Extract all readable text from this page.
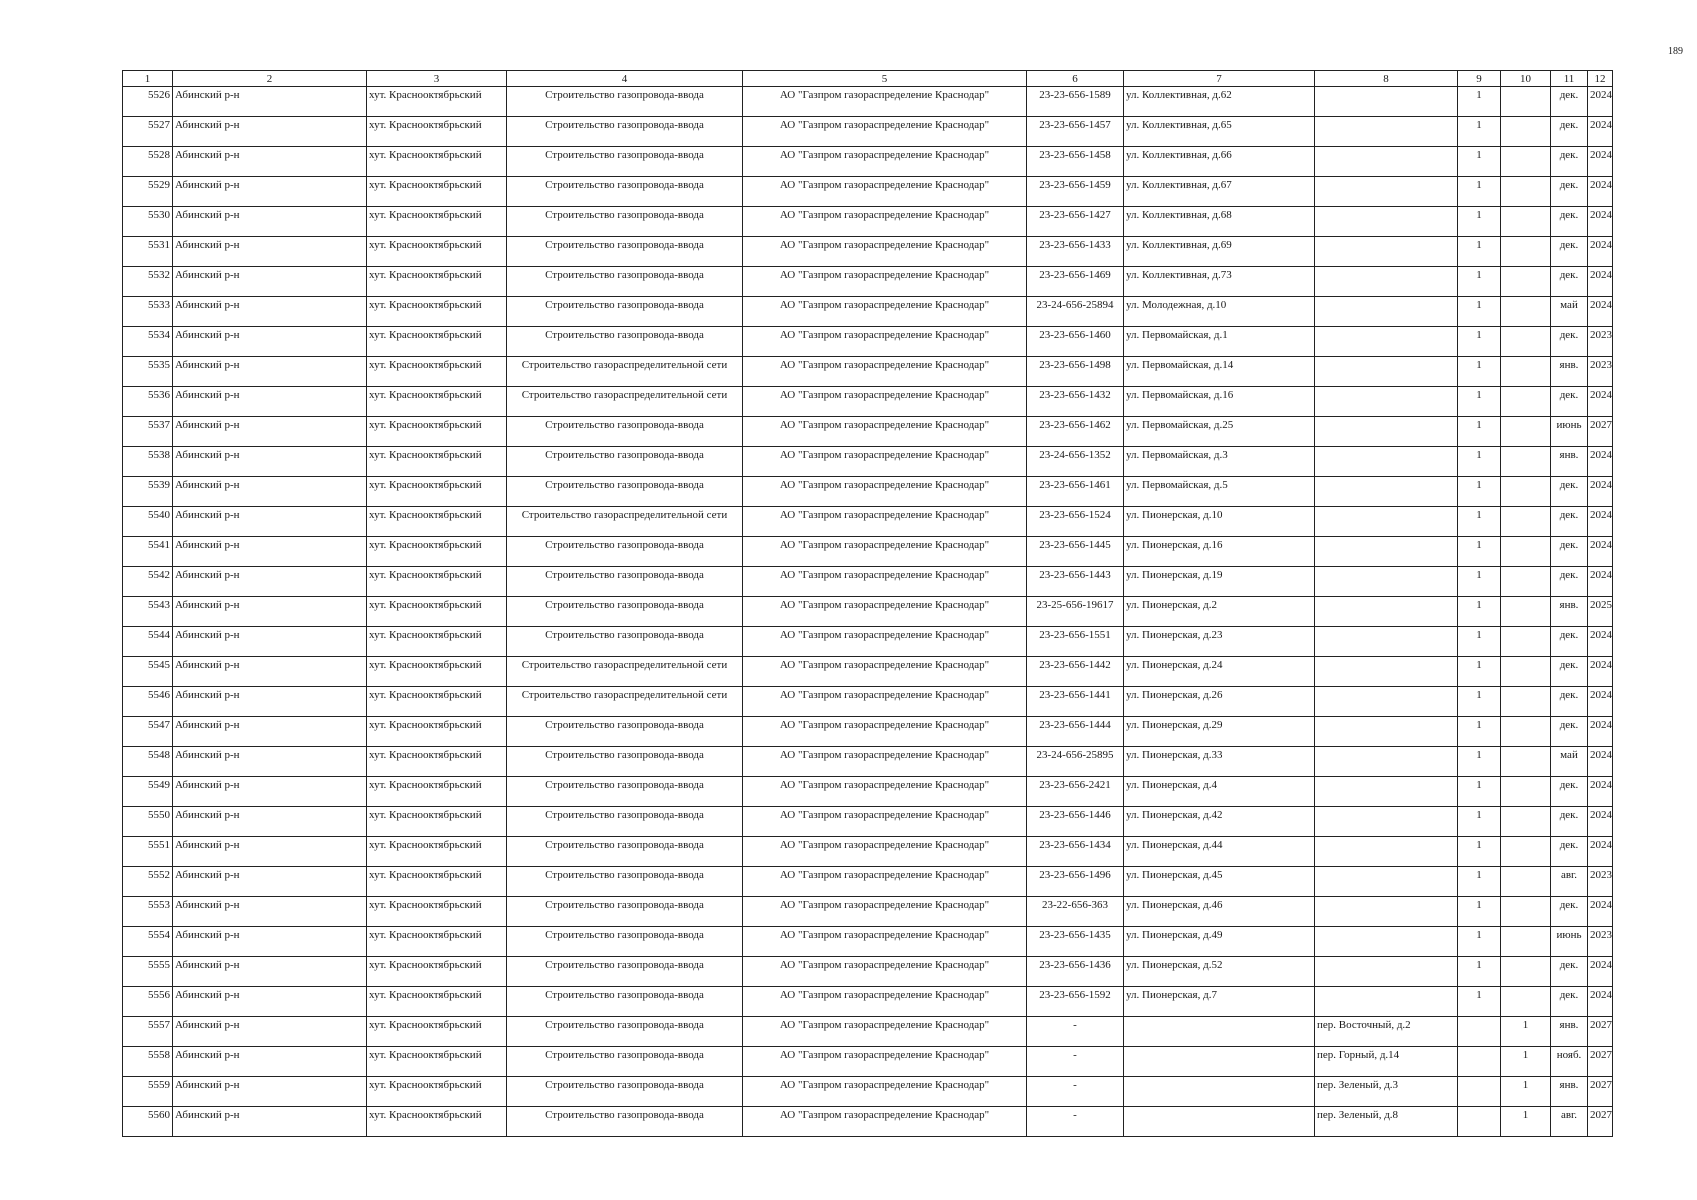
189
1	2	3	4	5	6	7	8	9	10	11	12
5526	Абинский р-н	хут. Краснооктябрьский	Строительство газопровода-ввода	АО "Газпром газораспределение Краснодар"	23-23-656-1589	ул. Коллективная, д.62		1		дек.	2024
5527	Абинский р-н	хут. Краснооктябрьский	Строительство газопровода-ввода	АО "Газпром газораспределение Краснодар"	23-23-656-1457	ул. Коллективная, д.65		1		дек.	2024
5528	Абинский р-н	хут. Краснооктябрьский	Строительство газопровода-ввода	АО "Газпром газораспределение Краснодар"	23-23-656-1458	ул. Коллективная, д.66		1		дек.	2024
5529	Абинский р-н	хут. Краснооктябрьский	Строительство газопровода-ввода	АО "Газпром газораспределение Краснодар"	23-23-656-1459	ул. Коллективная, д.67		1		дек.	2024
5530	Абинский р-н	хут. Краснооктябрьский	Строительство газопровода-ввода	АО "Газпром газораспределение Краснодар"	23-23-656-1427	ул. Коллективная, д.68		1		дек.	2024
5531	Абинский р-н	хут. Краснооктябрьский	Строительство газопровода-ввода	АО "Газпром газораспределение Краснодар"	23-23-656-1433	ул. Коллективная, д.69		1		дек.	2024
5532	Абинский р-н	хут. Краснооктябрьский	Строительство газопровода-ввода	АО "Газпром газораспределение Краснодар"	23-23-656-1469	ул. Коллективная, д.73		1		дек.	2024
5533	Абинский р-н	хут. Краснооктябрьский	Строительство газопровода-ввода	АО "Газпром газораспределение Краснодар"	23-24-656-25894	ул. Молодежная, д.10		1		май	2024
5534	Абинский р-н	хут. Краснооктябрьский	Строительство газопровода-ввода	АО "Газпром газораспределение Краснодар"	23-23-656-1460	ул. Первомайская, д.1		1		дек.	2023
5535	Абинский р-н	хут. Краснооктябрьский	Строительство газораспределительной сети	АО "Газпром газораспределение Краснодар"	23-23-656-1498	ул. Первомайская, д.14		1		янв.	2023
5536	Абинский р-н	хут. Краснооктябрьский	Строительство газораспределительной сети	АО "Газпром газораспределение Краснодар"	23-23-656-1432	ул. Первомайская, д.16		1		дек.	2024
5537	Абинский р-н	хут. Краснооктябрьский	Строительство газопровода-ввода	АО "Газпром газораспределение Краснодар"	23-23-656-1462	ул. Первомайская, д.25		1		июнь	2027
5538	Абинский р-н	хут. Краснооктябрьский	Строительство газопровода-ввода	АО "Газпром газораспределение Краснодар"	23-24-656-1352	ул. Первомайская, д.3		1		янв.	2024
5539	Абинский р-н	хут. Краснооктябрьский	Строительство газопровода-ввода	АО "Газпром газораспределение Краснодар"	23-23-656-1461	ул. Первомайская, д.5		1		дек.	2024
5540	Абинский р-н	хут. Краснооктябрьский	Строительство газораспределительной сети	АО "Газпром газораспределение Краснодар"	23-23-656-1524	ул. Пионерская, д.10		1		дек.	2024
5541	Абинский р-н	хут. Краснооктябрьский	Строительство газопровода-ввода	АО "Газпром газораспределение Краснодар"	23-23-656-1445	ул. Пионерская, д.16		1		дек.	2024
5542	Абинский р-н	хут. Краснооктябрьский	Строительство газопровода-ввода	АО "Газпром газораспределение Краснодар"	23-23-656-1443	ул. Пионерская, д.19		1		дек.	2024
5543	Абинский р-н	хут. Краснооктябрьский	Строительство газопровода-ввода	АО "Газпром газораспределение Краснодар"	23-25-656-19617	ул. Пионерская, д.2		1		янв.	2025
5544	Абинский р-н	хут. Краснооктябрьский	Строительство газопровода-ввода	АО "Газпром газораспределение Краснодар"	23-23-656-1551	ул. Пионерская, д.23		1		дек.	2024
5545	Абинский р-н	хут. Краснооктябрьский	Строительство газораспределительной сети	АО "Газпром газораспределение Краснодар"	23-23-656-1442	ул. Пионерская, д.24		1		дек.	2024
5546	Абинский р-н	хут. Краснооктябрьский	Строительство газораспределительной сети	АО "Газпром газораспределение Краснодар"	23-23-656-1441	ул. Пионерская, д.26		1		дек.	2024
5547	Абинский р-н	хут. Краснооктябрьский	Строительство газопровода-ввода	АО "Газпром газораспределение Краснодар"	23-23-656-1444	ул. Пионерская, д.29		1		дек.	2024
5548	Абинский р-н	хут. Краснооктябрьский	Строительство газопровода-ввода	АО "Газпром газораспределение Краснодар"	23-24-656-25895	ул. Пионерская, д.33		1		май	2024
5549	Абинский р-н	хут. Краснооктябрьский	Строительство газопровода-ввода	АО "Газпром газораспределение Краснодар"	23-23-656-2421	ул. Пионерская, д.4		1		дек.	2024
5550	Абинский р-н	хут. Краснооктябрьский	Строительство газопровода-ввода	АО "Газпром газораспределение Краснодар"	23-23-656-1446	ул. Пионерская, д.42		1		дек.	2024
5551	Абинский р-н	хут. Краснооктябрьский	Строительство газопровода-ввода	АО "Газпром газораспределение Краснодар"	23-23-656-1434	ул. Пионерская, д.44		1		дек.	2024
5552	Абинский р-н	хут. Краснооктябрьский	Строительство газопровода-ввода	АО "Газпром газораспределение Краснодар"	23-23-656-1496	ул. Пионерская, д.45		1		авг.	2023
5553	Абинский р-н	хут. Краснооктябрьский	Строительство газопровода-ввода	АО "Газпром газораспределение Краснодар"	23-22-656-363	ул. Пионерская, д.46		1		дек.	2024
5554	Абинский р-н	хут. Краснооктябрьский	Строительство газопровода-ввода	АО "Газпром газораспределение Краснодар"	23-23-656-1435	ул. Пионерская, д.49		1		июнь	2023
5555	Абинский р-н	хут. Краснооктябрьский	Строительство газопровода-ввода	АО "Газпром газораспределение Краснодар"	23-23-656-1436	ул. Пионерская, д.52		1		дек.	2024
5556	Абинский р-н	хут. Краснооктябрьский	Строительство газопровода-ввода	АО "Газпром газораспределение Краснодар"	23-23-656-1592	ул. Пионерская, д.7		1		дек.	2024
5557	Абинский р-н	хут. Краснооктябрьский	Строительство газопровода-ввода	АО "Газпром газораспределение Краснодар"	-		пер. Восточный, д.2		1	янв.	2027
5558	Абинский р-н	хут. Краснооктябрьский	Строительство газопровода-ввода	АО "Газпром газораспределение Краснодар"	-		пер. Горный, д.14		1	нояб.	2027
5559	Абинский р-н	хут. Краснооктябрьский	Строительство газопровода-ввода	АО "Газпром газораспределение Краснодар"	-		пер. Зеленый, д.3		1	янв.	2027
5560	Абинский р-н	хут. Краснооктябрьский	Строительство газопровода-ввода	АО "Газпром газораспределение Краснодар"	-		пер. Зеленый, д.8		1	авг.	2027
